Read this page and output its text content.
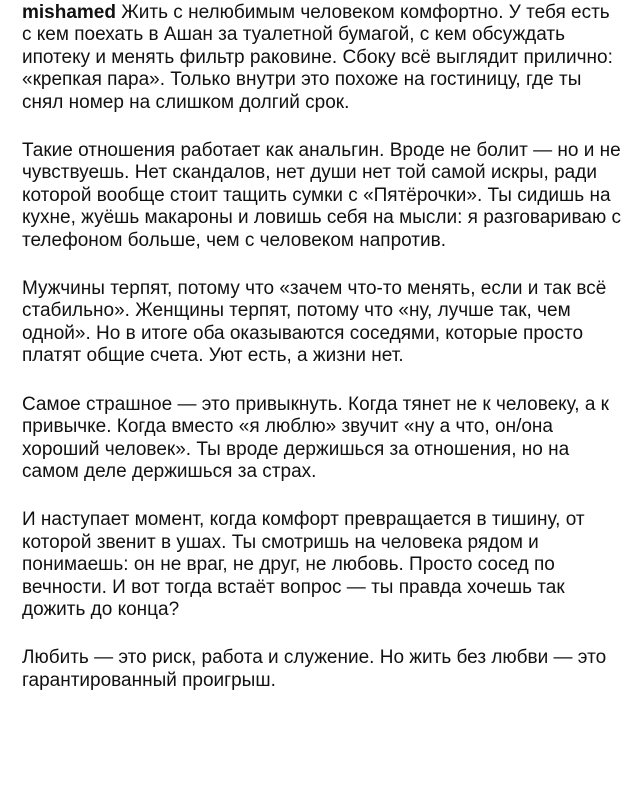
mishamed Жить с нелюбимым человеком комфортно. У тебя есть с кем поехать в Ашан за туалетной бумагой, с кем обсуждать ипотеку и менять фильтр раковине. Сбоку всё выглядит прилично: «крепкая пара». Только внутри это похоже на гостиницу, где ты снял номер на слишком долгий срок.

Такие отношения работает как анальгин. Вроде не болит — но и не чувствуешь. Нет скандалов, нет души нет той самой искры, ради которой вообще стоит тащить сумки с «Пятёрочки». Ты сидишь на кухне, жуёшь макароны и ловишь себя на мысли: я разговариваю с телефоном больше, чем с человеком напротив.

Мужчины терпят, потому что «зачем что-то менять, если и так всё стабильно». Женщины терпят, потому что «ну, лучше так, чем одной». Но в итоге оба оказываются соседями, которые просто платят общие счета. Уют есть, а жизни нет.

Самое страшное — это привыкнуть. Когда тянет не к человеку, а к привычке. Когда вместо «я люблю» звучит «ну а что, он/она хороший человек». Ты вроде держишься за отношения, но на самом деле держишься за страх.

И наступает момент, когда комфорт превращается в тишину, от которой звенит в ушах. Ты смотришь на человека рядом и понимаешь: он не враг, не друг, не любовь. Просто сосед по вечности. И вот тогда встаёт вопрос — ты правда хочешь так дожить до конца?

Любить — это риск, работа и служение. Но жить без любви — это гарантированный проигрыш.
